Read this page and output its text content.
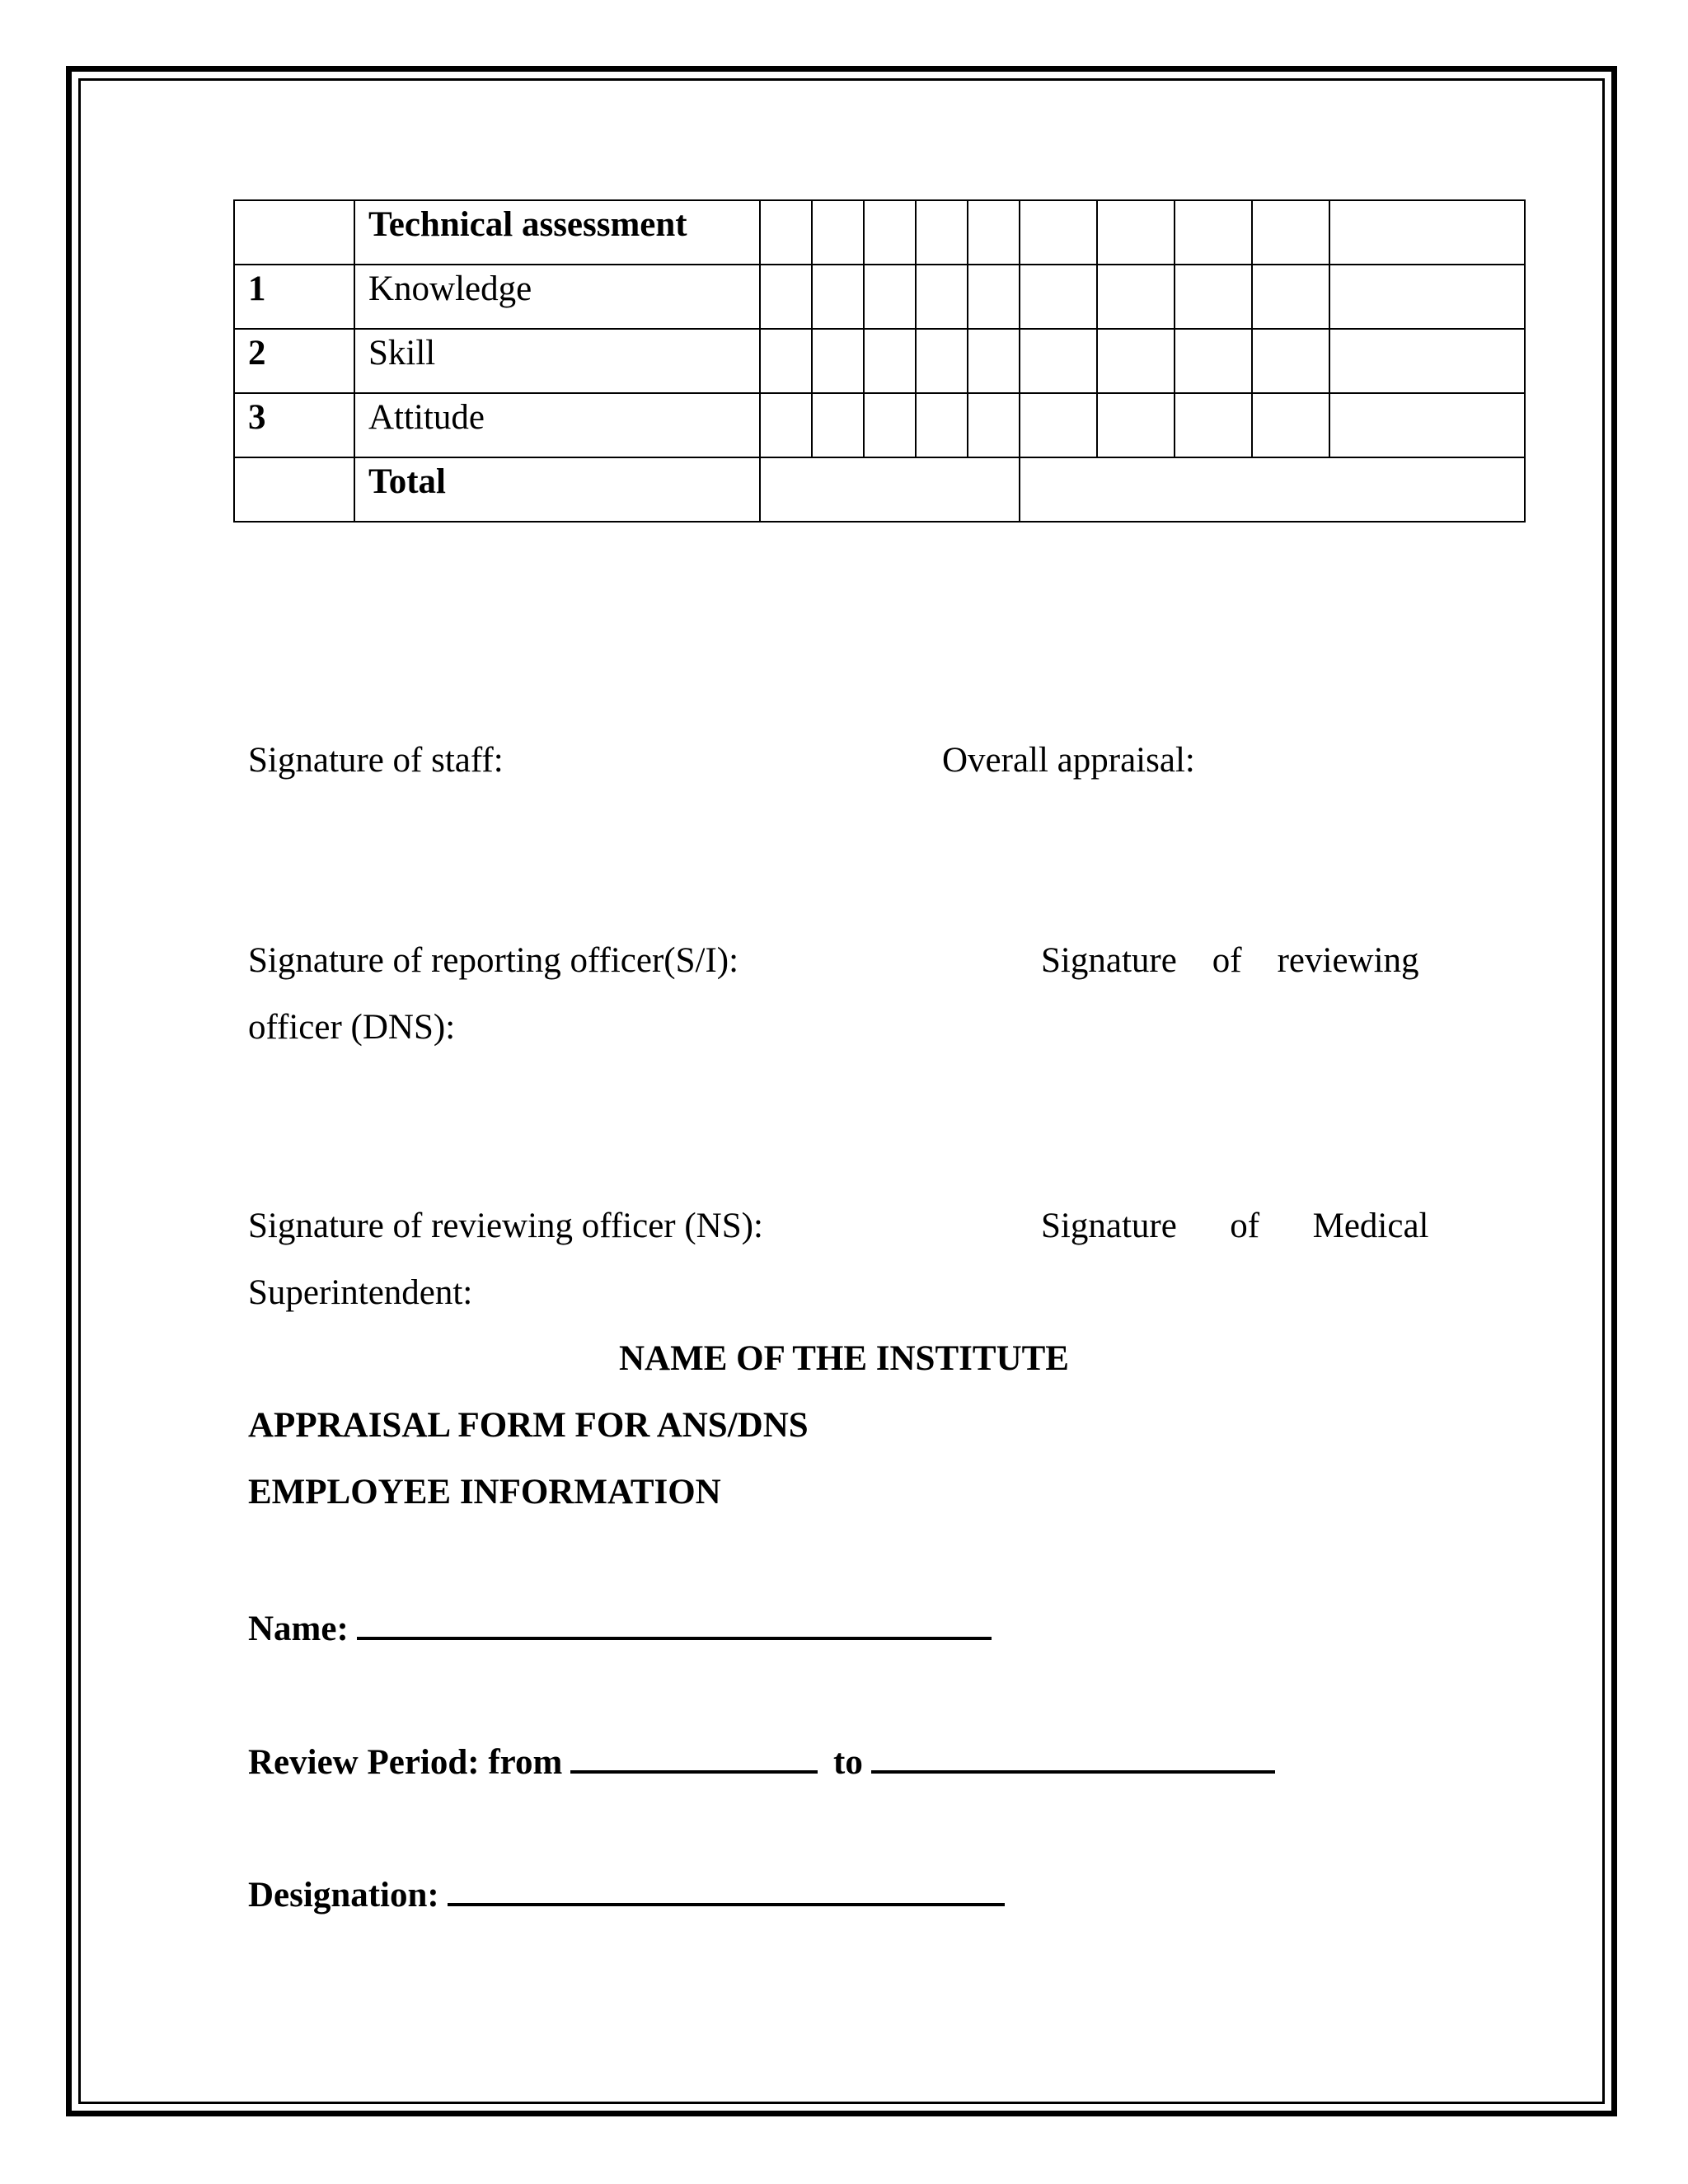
	Technical assessment										
1	Knowledge										
2	Skill										
3	Attitude										
	Total										
Signature of staff:	Overall appraisal:
Signature of reporting officer(S/I):	Signature    of    reviewing
officer (DNS):
Signature of reviewing officer (NS):	Signature      of      Medical
Superintendent:
NAME OF THE INSTITUTE
APPRAISAL FORM FOR ANS/DNS
EMPLOYEE INFORMATION
Name:
Review Period: from	to
Designation:
